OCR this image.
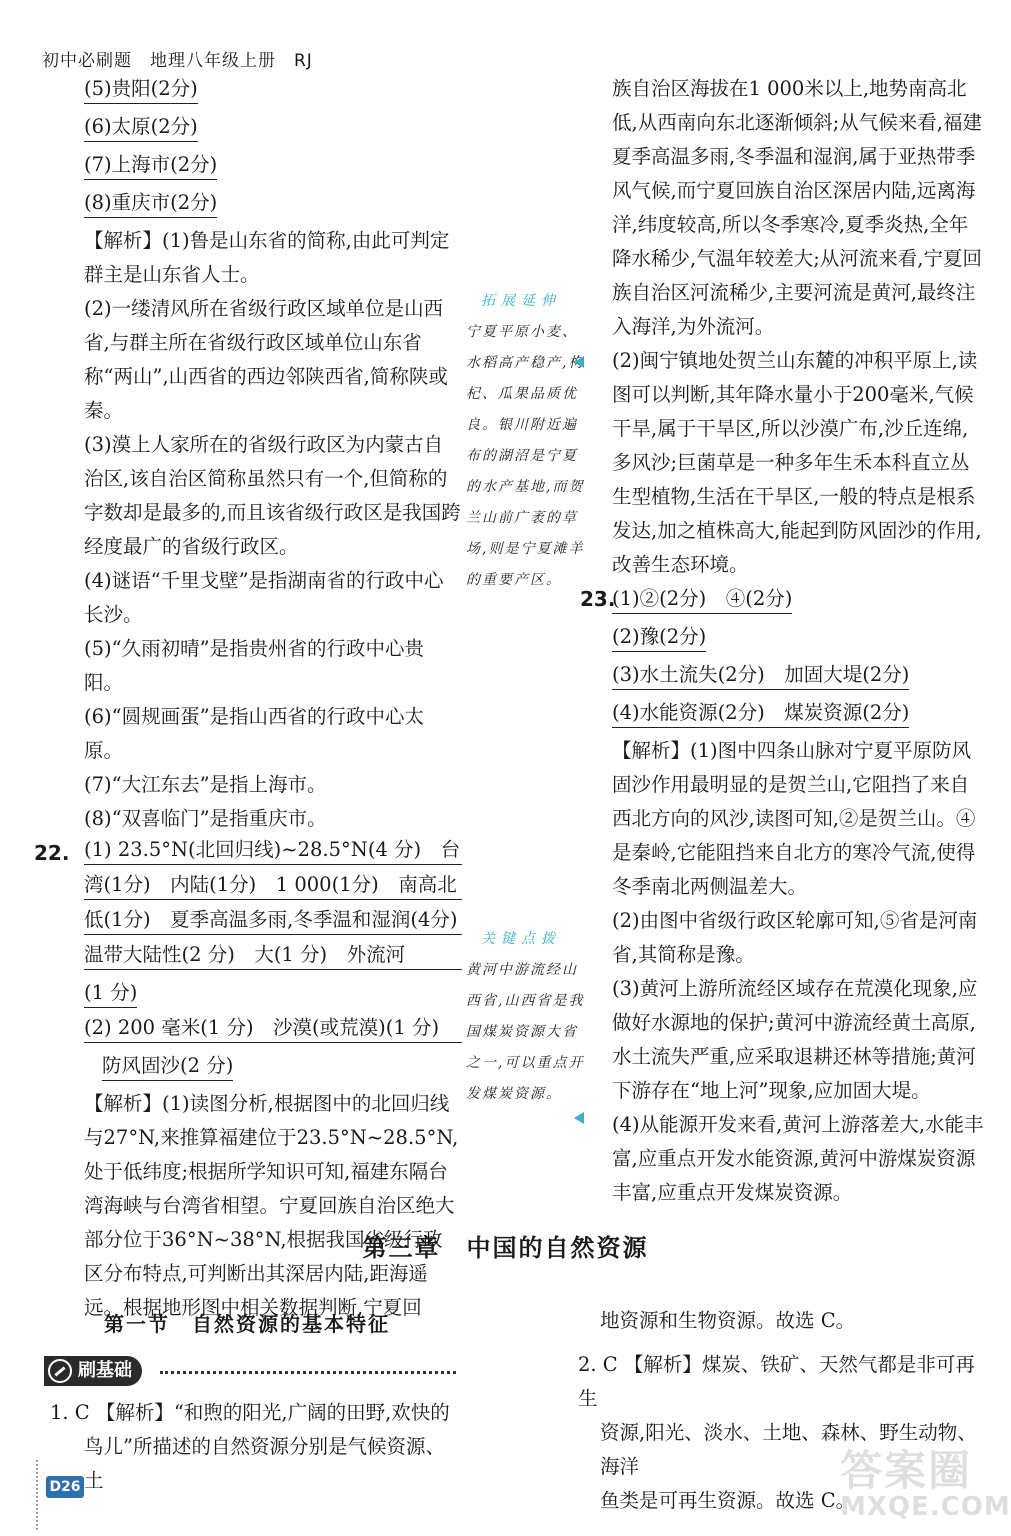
初中必刷题 地理八年级上册 RJ
(5)贵阳(2分)
(6)太原(2分)
(7)上海市(2分)
(8)重庆市(2分)

【解析】(1)鲁是山东省的简称,由此可判定群主是山东省人士。

(2)一缕清风所在省级行政区域单位是山西省,与群主所在省级行政区域单位山东省称“两山”,山西省的西边邻陕西省,简称陕或秦。

(3)漠上人家所在的省级行政区为内蒙古自治区,该自治区简称虽然只有一个,但简称的字数却是最多的,而且该省级行政区是我国跨经度最广的省级行政区。

(4)谜语“千里戈壁”是指湖南省的行政中心长沙。

(5)“久雨初晴”是指贵州省的行政中心贵阳。

(6)“圆规画蛋”是指山西省的行政中心太原。

(7)“大江东去”是指上海市。

(8)“双喜临门”是指重庆市。

22. (1) 23.5°N(北回归线)~28.5°N(4 分)　台
湾(1分)　内陆(1分)　1 000(1分)　南高北
低(1分)　夏季高温多雨,冬季温和湿润(4分)
温带大陆性(2 分)　大(1 分)　外流河
(1 分)
(2) 200 毫米(1 分)　沙漠(或荒漠)(1 分)
防风固沙(2 分)

【解析】(1)读图分析,根据图中的北回归线与27°N,来推算福建位于23.5°N~28.5°N,处于低纬度;根据所学知识可知,福建东隔台湾海峡与台湾省相望。宁夏回族自治区绝大部分位于36°N~38°N,根据我国省级行政区分布特点,可判断出其深居内陆,距海遥远。根据地形图中相关数据判断,宁夏回

拓展延伸
宁夏平原小麦、水稻高产稳产,枸杞、瓜果品质优良。银川附近遍布的湖沼是宁夏的水产基地,而贺兰山前广袤的草场,则是宁夏滩羊的重要产区。
关键点拨
黄河中游流经山西省,山西省是我国煤炭资源大省之一,可以重点开发煤炭资源。

族自治区海拔在1 000米以上,地势南高北低,从西南向东北逐渐倾斜;从气候来看,福建夏季高温多雨,冬季温和湿润,属于亚热带季风气候,而宁夏回族自治区深居内陆,远离海洋,纬度较高,所以冬季寒冷,夏季炎热,全年降水稀少,气温年较差大;从河流来看,宁夏回族自治区河流稀少,主要河流是黄河,最终注入海洋,为外流河。

(2)闽宁镇地处贺兰山东麓的冲积平原上,读图可以判断,其年降水量小于200毫米,气候干旱,属于干旱区,所以沙漠广布,沙丘连绵,多风沙;巨菌草是一种多年生禾本科直立丛生型植物,生活在干旱区,一般的特点是根系发达,加之植株高大,能起到防风固沙的作用,改善生态环境。

23.
(1)②(2分)　④(2分)
(2)豫(2分)
(3)水土流失(2分)　加固大堤(2分)
(4)水能资源(2分)　煤炭资源(2分)

【解析】(1)图中四条山脉对宁夏平原防风固沙作用最明显的是贺兰山,它阻挡了来自西北方向的风沙,读图可知,②是贺兰山。④是秦岭,它能阻挡来自北方的寒冷气流,使得冬季南北两侧温差大。

(2)由图中省级行政区轮廓可知,⑤省是河南省,其简称是豫。

(3)黄河上游所流经区域存在荒漠化现象,应做好水源地的保护;黄河中游流经黄土高原,水土流失严重,应采取退耕还林等措施;黄河下游存在“地上河”现象,应加固大堤。

(4)从能源开发来看,黄河上游落差大,水能丰富,应重点开发水能资源,黄河中游煤炭资源丰富,应重点开发煤炭资源。

第三章　中国的自然资源
第一节 自然资源的基本特征
刷基础
1. C 【解析】“和煦的阳光,广阔的田野,欢快的
鸟儿”所描述的自然资源分别是气候资源、土
地资源和生物资源。故选 C。
2. C 【解析】煤炭、铁矿、天然气都是非可再生
资源,阳光、淡水、土地、森林、野生动物、海洋
鱼类是可再生资源。故选 C。
D26	答案圈
MXQE.COM
